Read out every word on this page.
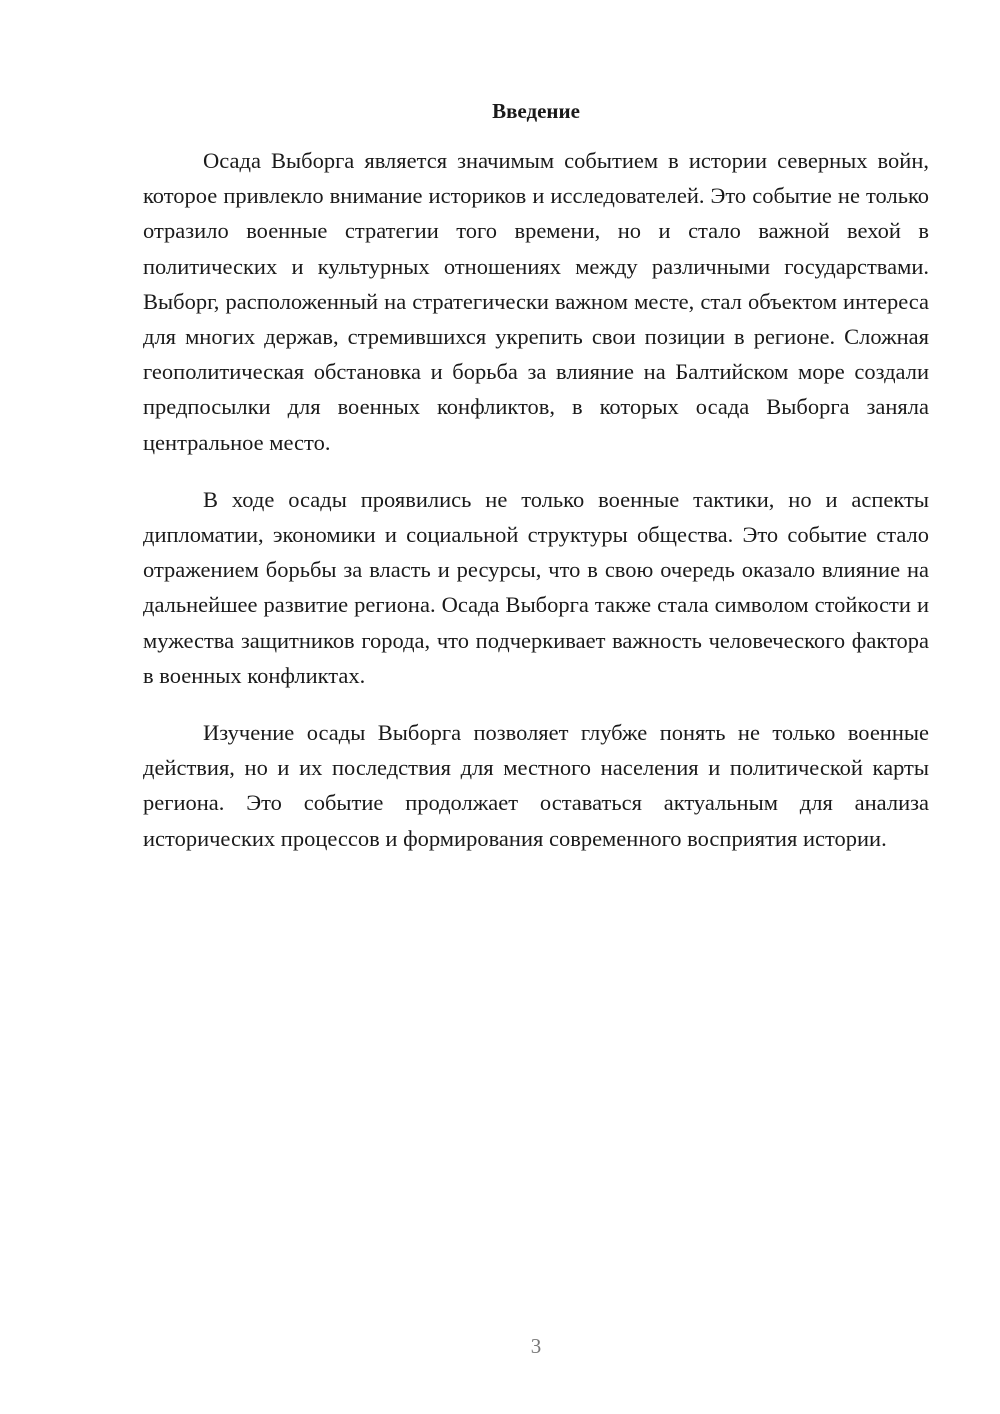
Введение

Осада Выборга является значимым событием в истории северных войн, которое привлекло внимание историков и исследователей. Это событие не только отразило военные стратегии того времени, но и стало важной вехой в политических и культурных отношениях между различными государствами. Выборг, расположенный на стратегически важном месте, стал объектом интереса для многих держав, стремившихся укрепить свои позиции в регионе. Сложная геополитическая обстановка и борьба за влияние на Балтийском море создали предпосылки для военных конфликтов, в которых осада Выборга заняла центральное место.

В ходе осады проявились не только военные тактики, но и аспекты дипломатии, экономики и социальной структуры общества. Это событие стало отражением борьбы за власть и ресурсы, что в свою очередь оказало влияние на дальнейшее развитие региона. Осада Выборга также стала символом стойкости и мужества защитников города, что подчеркивает важность человеческого фактора в военных конфликтах.

Изучение осады Выборга позволяет глубже понять не только военные действия, но и их последствия для местного населения и политической карты региона. Это событие продолжает оставаться актуальным для анализа исторических процессов и формирования современного восприятия истории.

3
